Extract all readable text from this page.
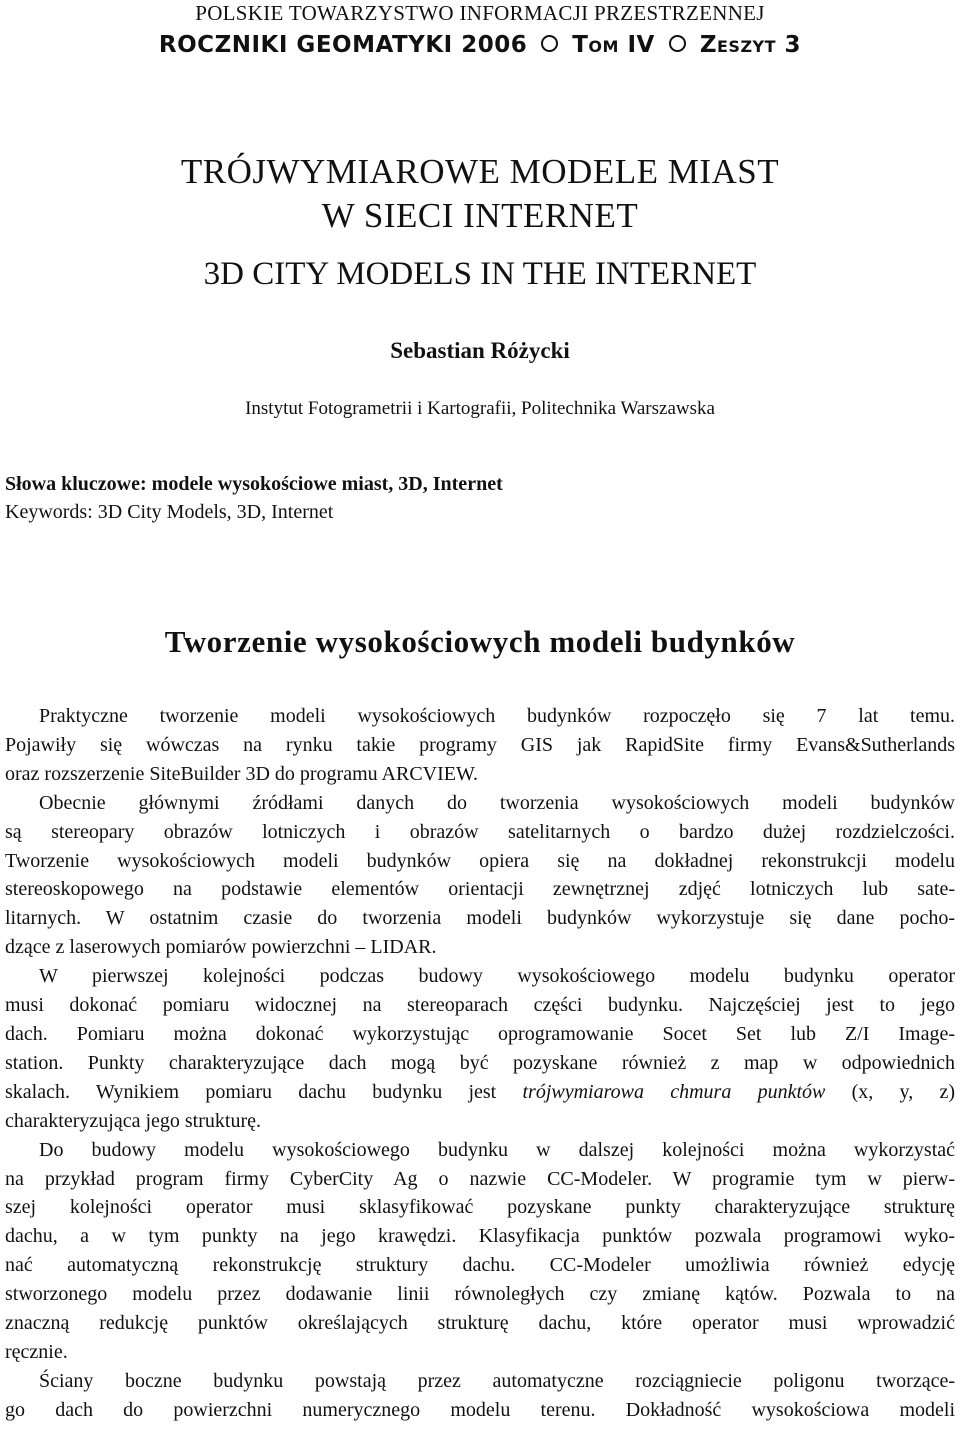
POLSKIE TOWARZYSTWO INFORMACJI PRZESTRZENNEJ
ROCZNIKI GEOMATYKI 2006 Tom IV Zeszyt 3
TRÓJWYMIAROWE MODELE MIAST
W SIECI INTERNET
3D CITY MODELS IN THE INTERNET
Sebastian Różycki
Instytut Fotogrametrii i Kartografii, Politechnika Warszawska
Słowa kluczowe: modele wysokościowe miast, 3D, Internet
Keywords: 3D City Models, 3D, Internet
Tworzenie wysokościowych modeli budynków
Praktyczne tworzenie modeli wysokościowych budynków rozpoczęło się 7 lat temu.
Pojawiły się wówczas na rynku takie programy GIS jak RapidSite firmy Evans&Sutherlands
oraz rozszerzenie SiteBuilder 3D do programu ARCVIEW.
Obecnie głównymi źródłami danych do tworzenia wysokościowych modeli budynków
są stereopary obrazów lotniczych i obrazów satelitarnych o bardzo dużej rozdzielczości.
Tworzenie wysokościowych modeli budynków opiera się na dokładnej rekonstrukcji modelu
stereoskopowego na podstawie elementów orientacji zewnętrznej zdjęć lotniczych lub sate-
litarnych. W ostatnim czasie do tworzenia modeli budynków wykorzystuje się dane pocho-
dzące z laserowych pomiarów powierzchni – LIDAR.
W pierwszej kolejności podczas budowy wysokościowego modelu budynku operator
musi dokonać pomiaru widocznej na stereoparach części budynku. Najczęściej jest to jego
dach. Pomiaru można dokonać wykorzystując oprogramowanie Socet Set lub Z/I Image-
station. Punkty charakteryzujące dach mogą być pozyskane również z map w odpowiednich
skalach. Wynikiem pomiaru dachu budynku jest trójwymiarowa chmura punktów (x, y, z)
charakteryzująca jego strukturę.
Do budowy modelu wysokościowego budynku w dalszej kolejności można wykorzystać
na przykład program firmy CyberCity Ag o nazwie CC-Modeler. W programie tym w pierw-
szej kolejności operator musi sklasyfikować pozyskane punkty charakteryzujące strukturę
dachu, a w tym punkty na jego krawędzi. Klasyfikacja punktów pozwala programowi wyko-
nać automatyczną rekonstrukcję struktury dachu. CC-Modeler umożliwia również edycję
stworzonego modelu przez dodawanie linii równoległych czy zmianę kątów. Pozwala to na
znaczną redukcję punktów określających strukturę dachu, które operator musi wprowadzić
ręcznie.
Ściany boczne budynku powstają przez automatyczne rozciągniecie poligonu tworzące-
go dach do powierzchni numerycznego modelu terenu. Dokładność wysokościowa modeli
